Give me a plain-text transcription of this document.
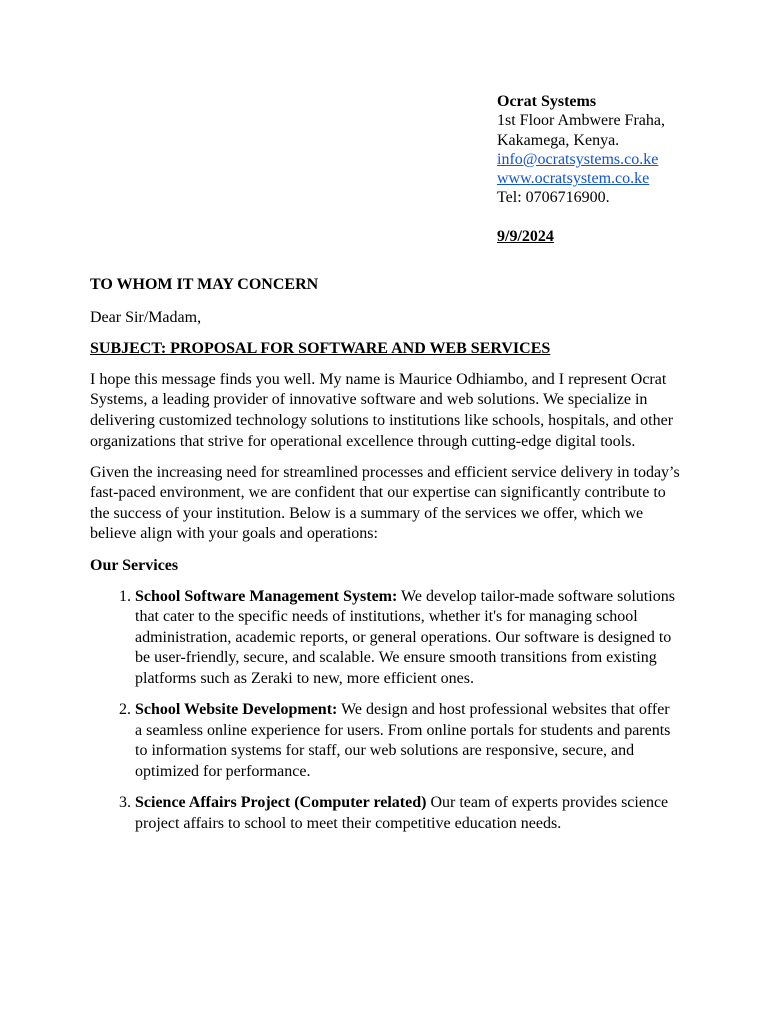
Ocrat Systems
1st Floor Ambwere Fraha,
Kakamega, Kenya.
info@ocratsystems.co.ke
www.ocratsystem.co.ke
Tel: 0706716900.
9/9/2024

TO WHOM IT MAY CONCERN

Dear Sir/Madam,

SUBJECT: PROPOSAL FOR SOFTWARE AND WEB SERVICES

I hope this message finds you well. My name is Maurice Odhiambo, and I represent Ocrat Systems, a leading provider of innovative software and web solutions. We specialize in delivering customized technology solutions to institutions like schools, hospitals, and other organizations that strive for operational excellence through cutting-edge digital tools.

Given the increasing need for streamlined processes and efficient service delivery in today’s fast-paced environment, we are confident that our expertise can significantly contribute to the success of your institution. Below is a summary of the services we offer, which we believe align with your goals and operations:

Our Services

1. School Software Management System: We develop tailor-made software solutions that cater to the specific needs of institutions, whether it's for managing school administration, academic reports, or general operations. Our software is designed to be user-friendly, secure, and scalable. We ensure smooth transitions from existing platforms such as Zeraki to new, more efficient ones.
2. School Website Development: We design and host professional websites that offer a seamless online experience for users. From online portals for students and parents to information systems for staff, our web solutions are responsive, secure, and optimized for performance.
3. Science Affairs Project (Computer related) Our team of experts provides science project affairs to school to meet their competitive education needs.
